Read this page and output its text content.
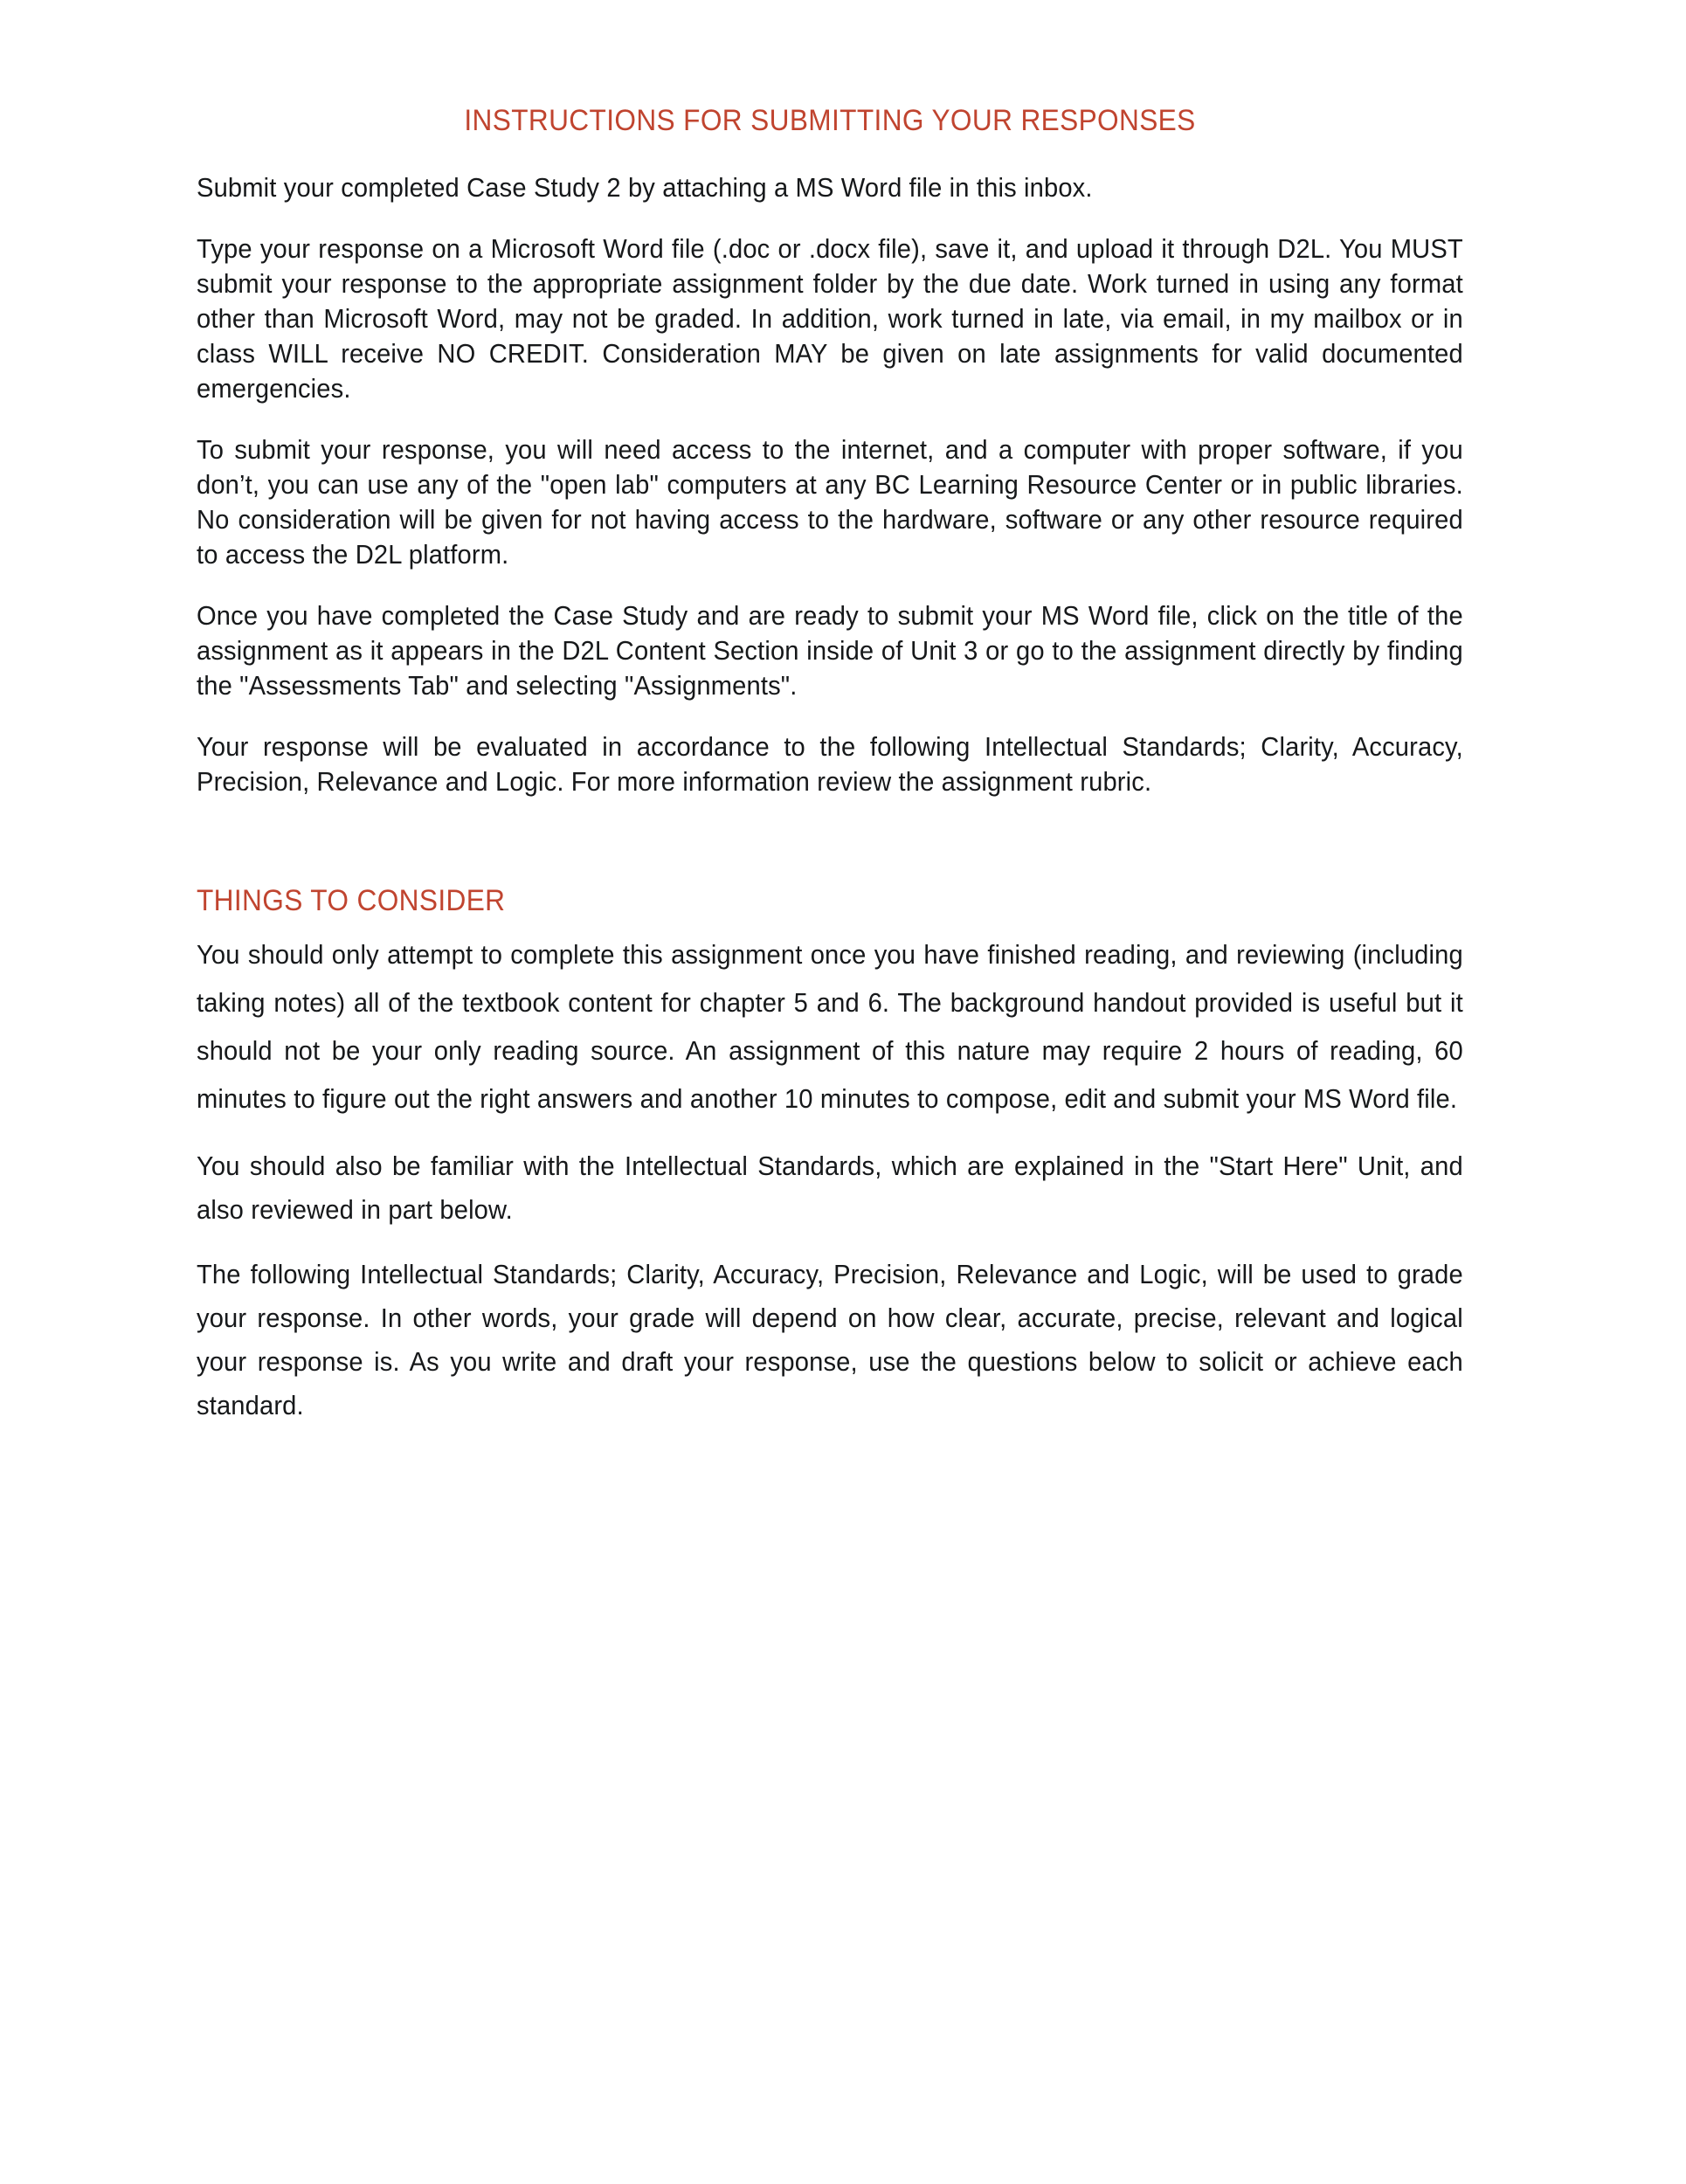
INSTRUCTIONS FOR SUBMITTING YOUR RESPONSES

Submit your completed Case Study 2 by attaching a MS Word file in this inbox.

Type your response on a Microsoft Word file (.doc or .docx file), save it, and upload it through D2L. You MUST submit your response to the appropriate assignment folder by the due date. Work turned in using any format other than Microsoft Word, may not be graded. In addition, work turned in late, via email, in my mailbox or in class WILL receive NO CREDIT. Consideration MAY be given on late assignments for valid documented emergencies.

To submit your response, you will need access to the internet, and a computer with proper software, if you don’t, you can use any of the "open lab" computers at any BC Learning Resource Center or in public libraries. No consideration will be given for not having access to the hardware, software or any other resource required to access the D2L platform.

Once you have completed the Case Study and are ready to submit your MS Word file, click on the title of the assignment as it appears in the D2L Content Section inside of Unit 3 or go to the assignment directly by finding the "Assessments Tab" and selecting "Assignments".

Your response will be evaluated in accordance to the following Intellectual Standards; Clarity, Accuracy, Precision, Relevance and Logic. For more information review the assignment rubric.

THINGS TO CONSIDER

You should only attempt to complete this assignment once you have finished reading, and reviewing (including taking notes) all of the textbook content for chapter 5 and 6. The background handout provided is useful but it should not be your only reading source. An assignment of this nature may require 2 hours of reading, 60 minutes to figure out the right answers and another 10 minutes to compose, edit and submit your MS Word file.

You should also be familiar with the Intellectual Standards, which are explained in the "Start Here" Unit, and also reviewed in part below.

The following Intellectual Standards; Clarity, Accuracy, Precision, Relevance and Logic, will be used to grade your response. In other words, your grade will depend on how clear, accurate, precise, relevant and logical your response is. As you write and draft your response, use the questions below to solicit or achieve each standard.
